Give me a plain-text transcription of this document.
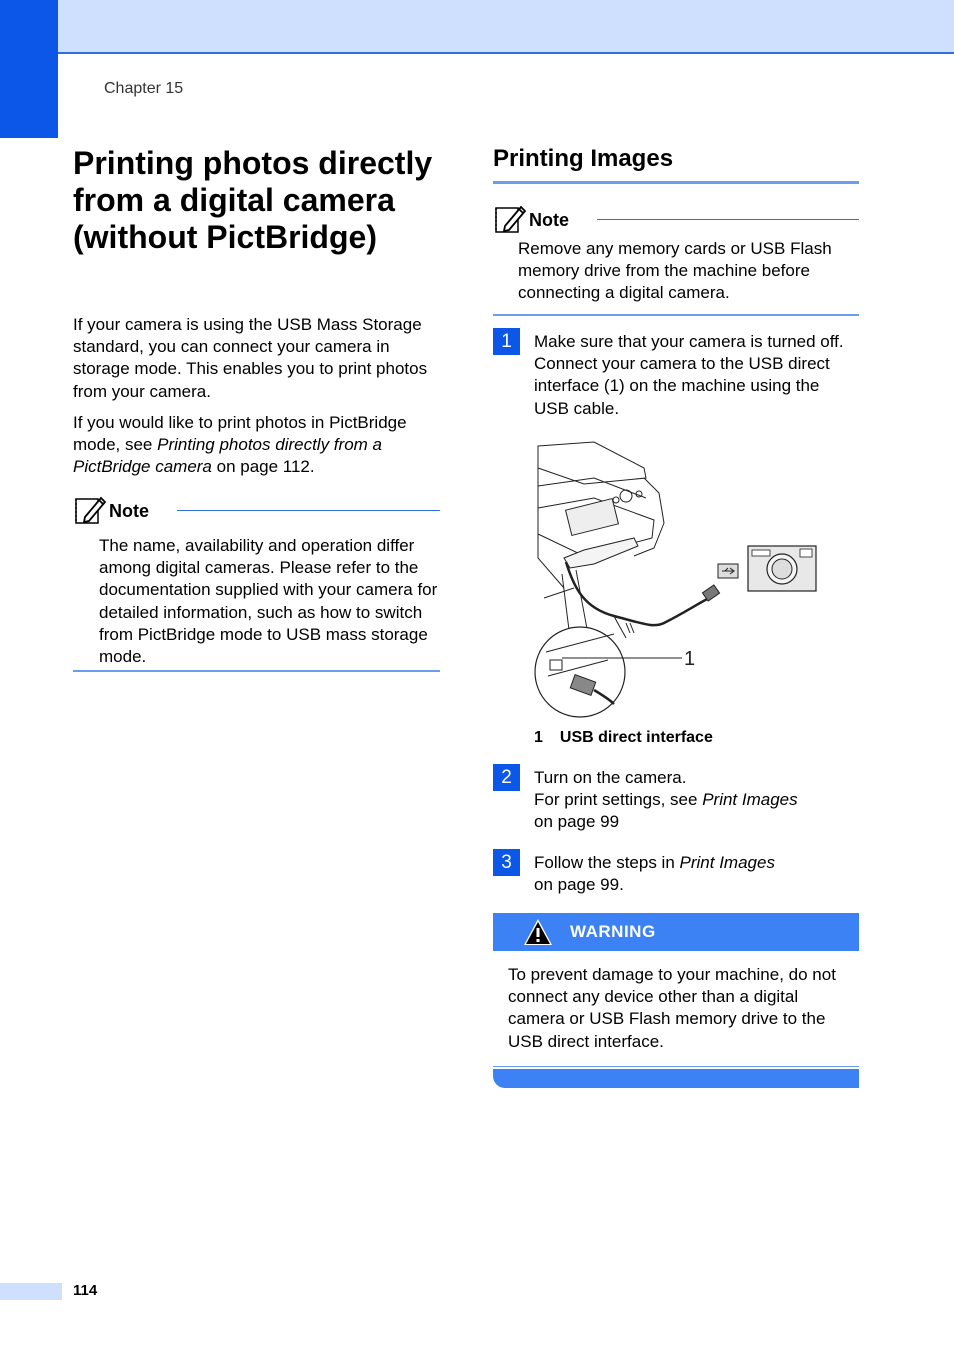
Chapter 15
Printing photos directly from a digital camera (without PictBridge)

If your camera is using the USB Mass Storage standard, you can connect your camera in storage mode. This enables you to print photos from your camera.

If you would like to print photos in PictBridge mode, see Printing photos directly from a PictBridge camera on page 112.

Note
The name, availability and operation differ among digital cameras. Please refer to the documentation supplied with your camera for detailed information, such as how to switch from PictBridge mode to USB mass storage mode.
Printing Images
Note
Remove any memory cards or USB Flash memory drive from the machine before connecting a digital camera.
1	Make sure that your camera is turned off. Connect your camera to the USB direct interface (1) on the machine using the USB cable.
1
1 USB direct interface
2	Turn on the camera.
For print settings, see Print Images
on page 99
3	Follow the steps in Print Images
on page 99.
WARNING
To prevent damage to your machine, do not connect any device other than a digital camera or USB Flash memory drive to the USB direct interface.
114
